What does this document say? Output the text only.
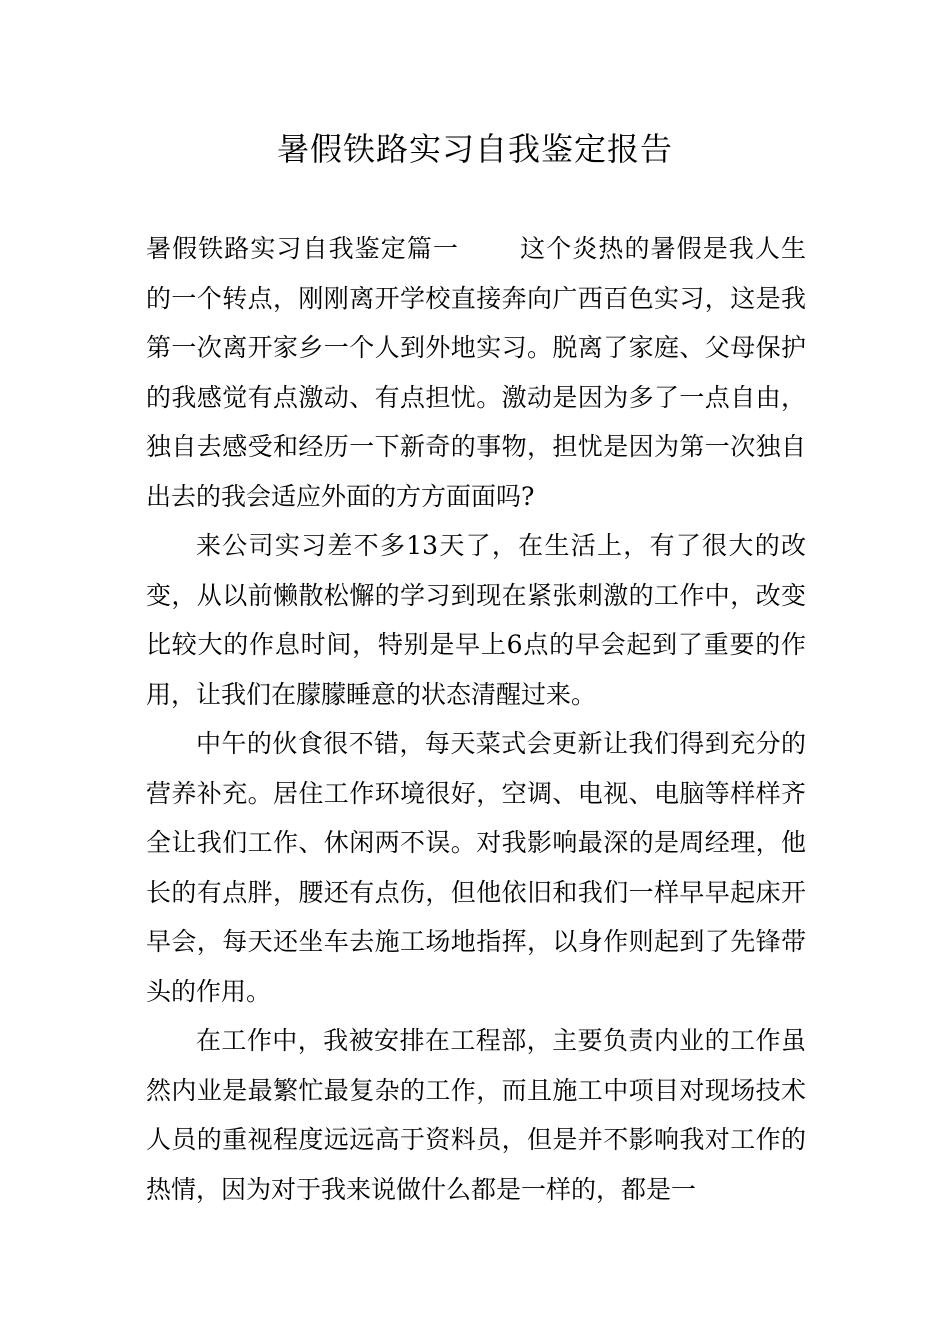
暑假铁路实习自我鉴定报告

暑假铁路实习自我鉴定篇一 这个炎热的暑假是我人生的一个转点，刚刚离开学校直接奔向广西百色实习，这是我第一次离开家乡一个人到外地实习。脱离了家庭、父母保护的我感觉有点激动、有点担忧。激动是因为多了一点自由，独自去感受和经历一下新奇的事物，担忧是因为第一次独自出去的我会适应外面的方方面面吗?

来公司实习差不多13天了，在生活上，有了很大的改变，从以前懒散松懈的学习到现在紧张刺激的工作中，改变比较大的作息时间，特别是早上6点的早会起到了重要的作用，让我们在朦朦睡意的状态清醒过来。

中午的伙食很不错，每天菜式会更新让我们得到充分的营养补充。居住工作环境很好，空调、电视、电脑等样样齐全让我们工作、休闲两不误。对我影响最深的是周经理，他长的有点胖，腰还有点伤，但他依旧和我们一样早早起床开早会，每天还坐车去施工场地指挥，以身作则起到了先锋带头的作用。

在工作中，我被安排在工程部，主要负责内业的工作虽然内业是最繁忙最复杂的工作，而且施工中项目对现场技术人员的重视程度远远高于资料员，但是并不影响我对工作的热情，因为对于我来说做什么都是一样的，都是一
